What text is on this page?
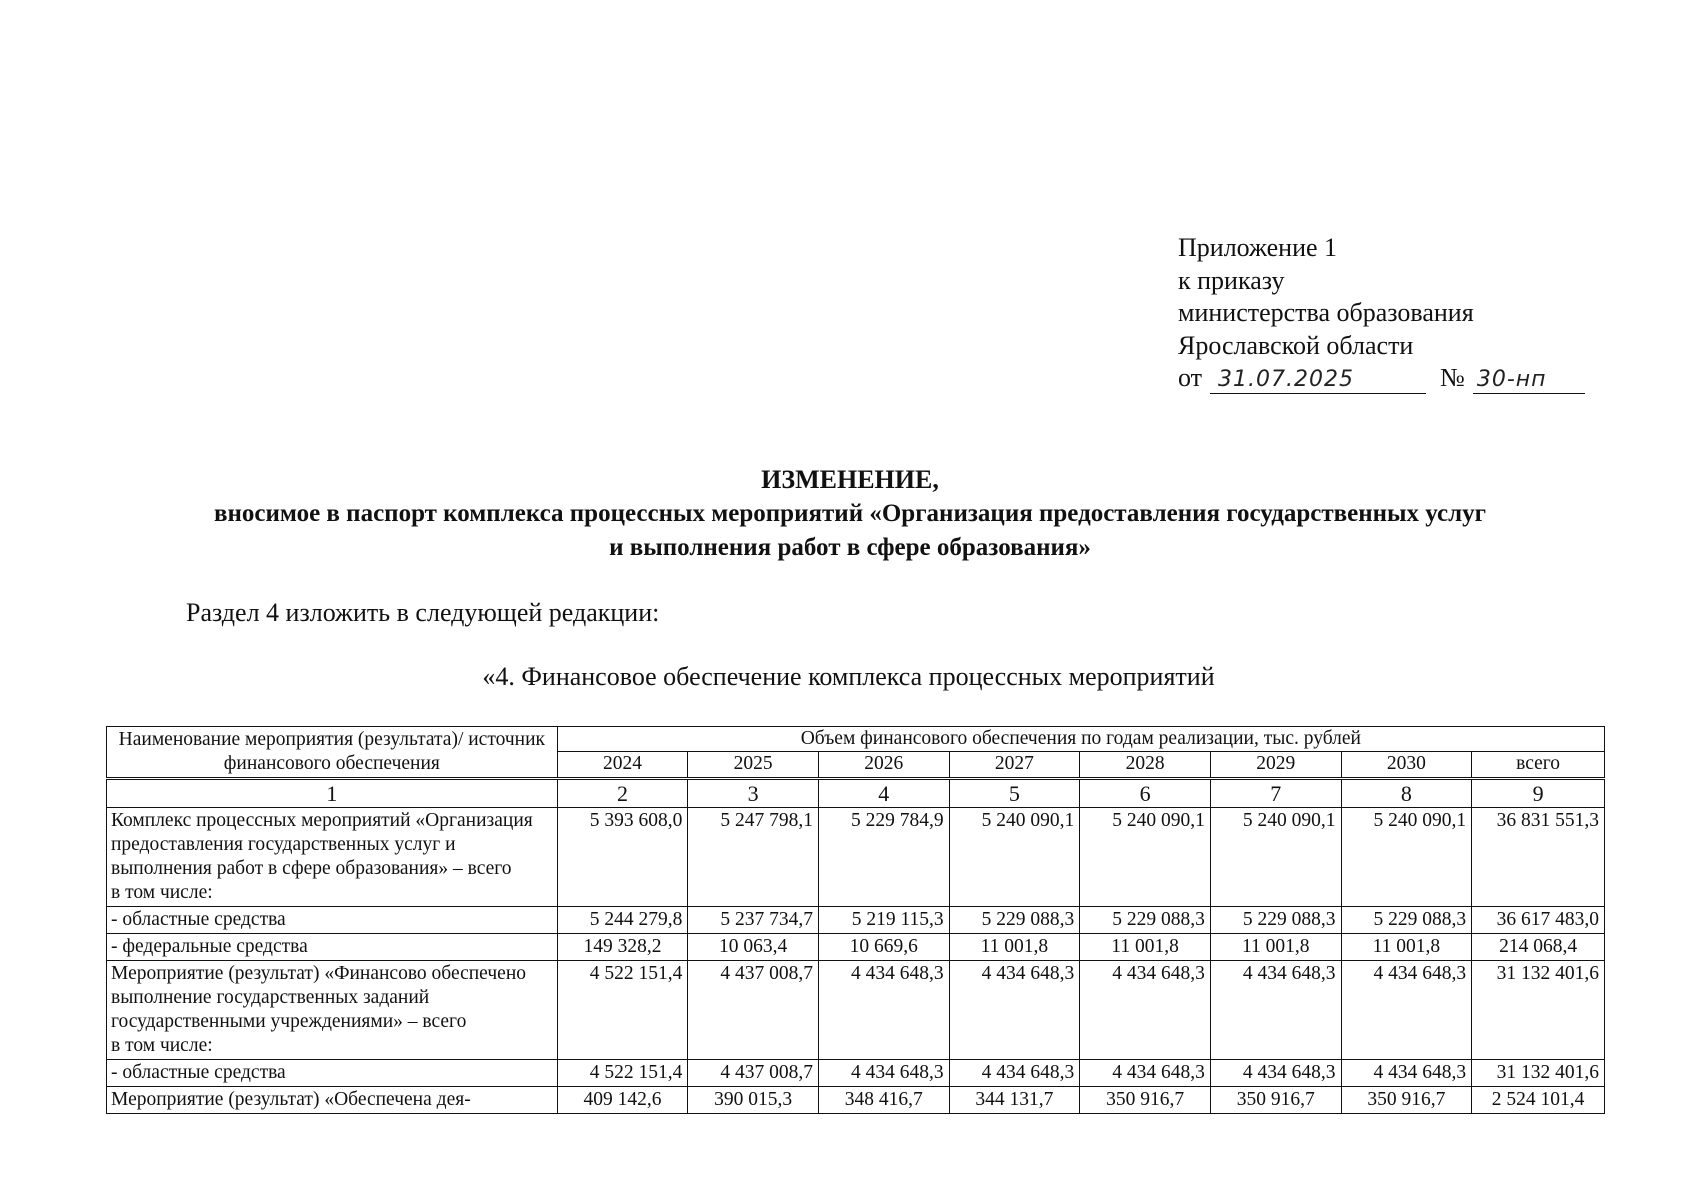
Приложение 1
к приказу
министерства образования
Ярославской области
от 31.07.2025	№ 30-нп
ИЗМЕНЕНИЕ,
вносимое в паспорт комплекса процессных мероприятий «Организация предоставления государственных услуг
и выполнения работ в сфере образования»
Раздел 4 изложить в следующей редакции:
«4. Финансовое обеспечение комплекса процессных мероприятий
Наименование мероприятия (результата)/ источник финансового обеспечения	Объем финансового обеспечения по годам реализации, тыс. рублей							
	2024	2025	2026	2027	2028	2029	2030	всего
1	2	3	4	5	6	7	8	9

Комплекс процессных мероприятий «Организация предоставления государственных услуг и выполнения работ в сфере образования» – всего
в том числе:	5 393 608,0	5 247 798,1	5 229 784,9	5 240 090,1	5 240 090,1	5 240 090,1	5 240 090,1	36 831 551,3
- областные средства	5 244 279,8	5 237 734,7	5 219 115,3	5 229 088,3	5 229 088,3	5 229 088,3	5 229 088,3	36 617 483,0
- федеральные средства	149 328,2	10 063,4	10 669,6	11 001,8	11 001,8	11 001,8	11 001,8	214 068,4

Мероприятие (результат) «Финансово обеспечено выполнение государственных заданий государственными учреждениями» – всего
в том числе:	4 522 151,4	4 437 008,7	4 434 648,3	4 434 648,3	4 434 648,3	4 434 648,3	4 434 648,3	31 132 401,6
- областные средства	4 522 151,4	4 437 008,7	4 434 648,3	4 434 648,3	4 434 648,3	4 434 648,3	4 434 648,3	31 132 401,6
Мероприятие (результат) «Обеспечена дея-	409 142,6	390 015,3	348 416,7	344 131,7	350 916,7	350 916,7	350 916,7	2 524 101,4
